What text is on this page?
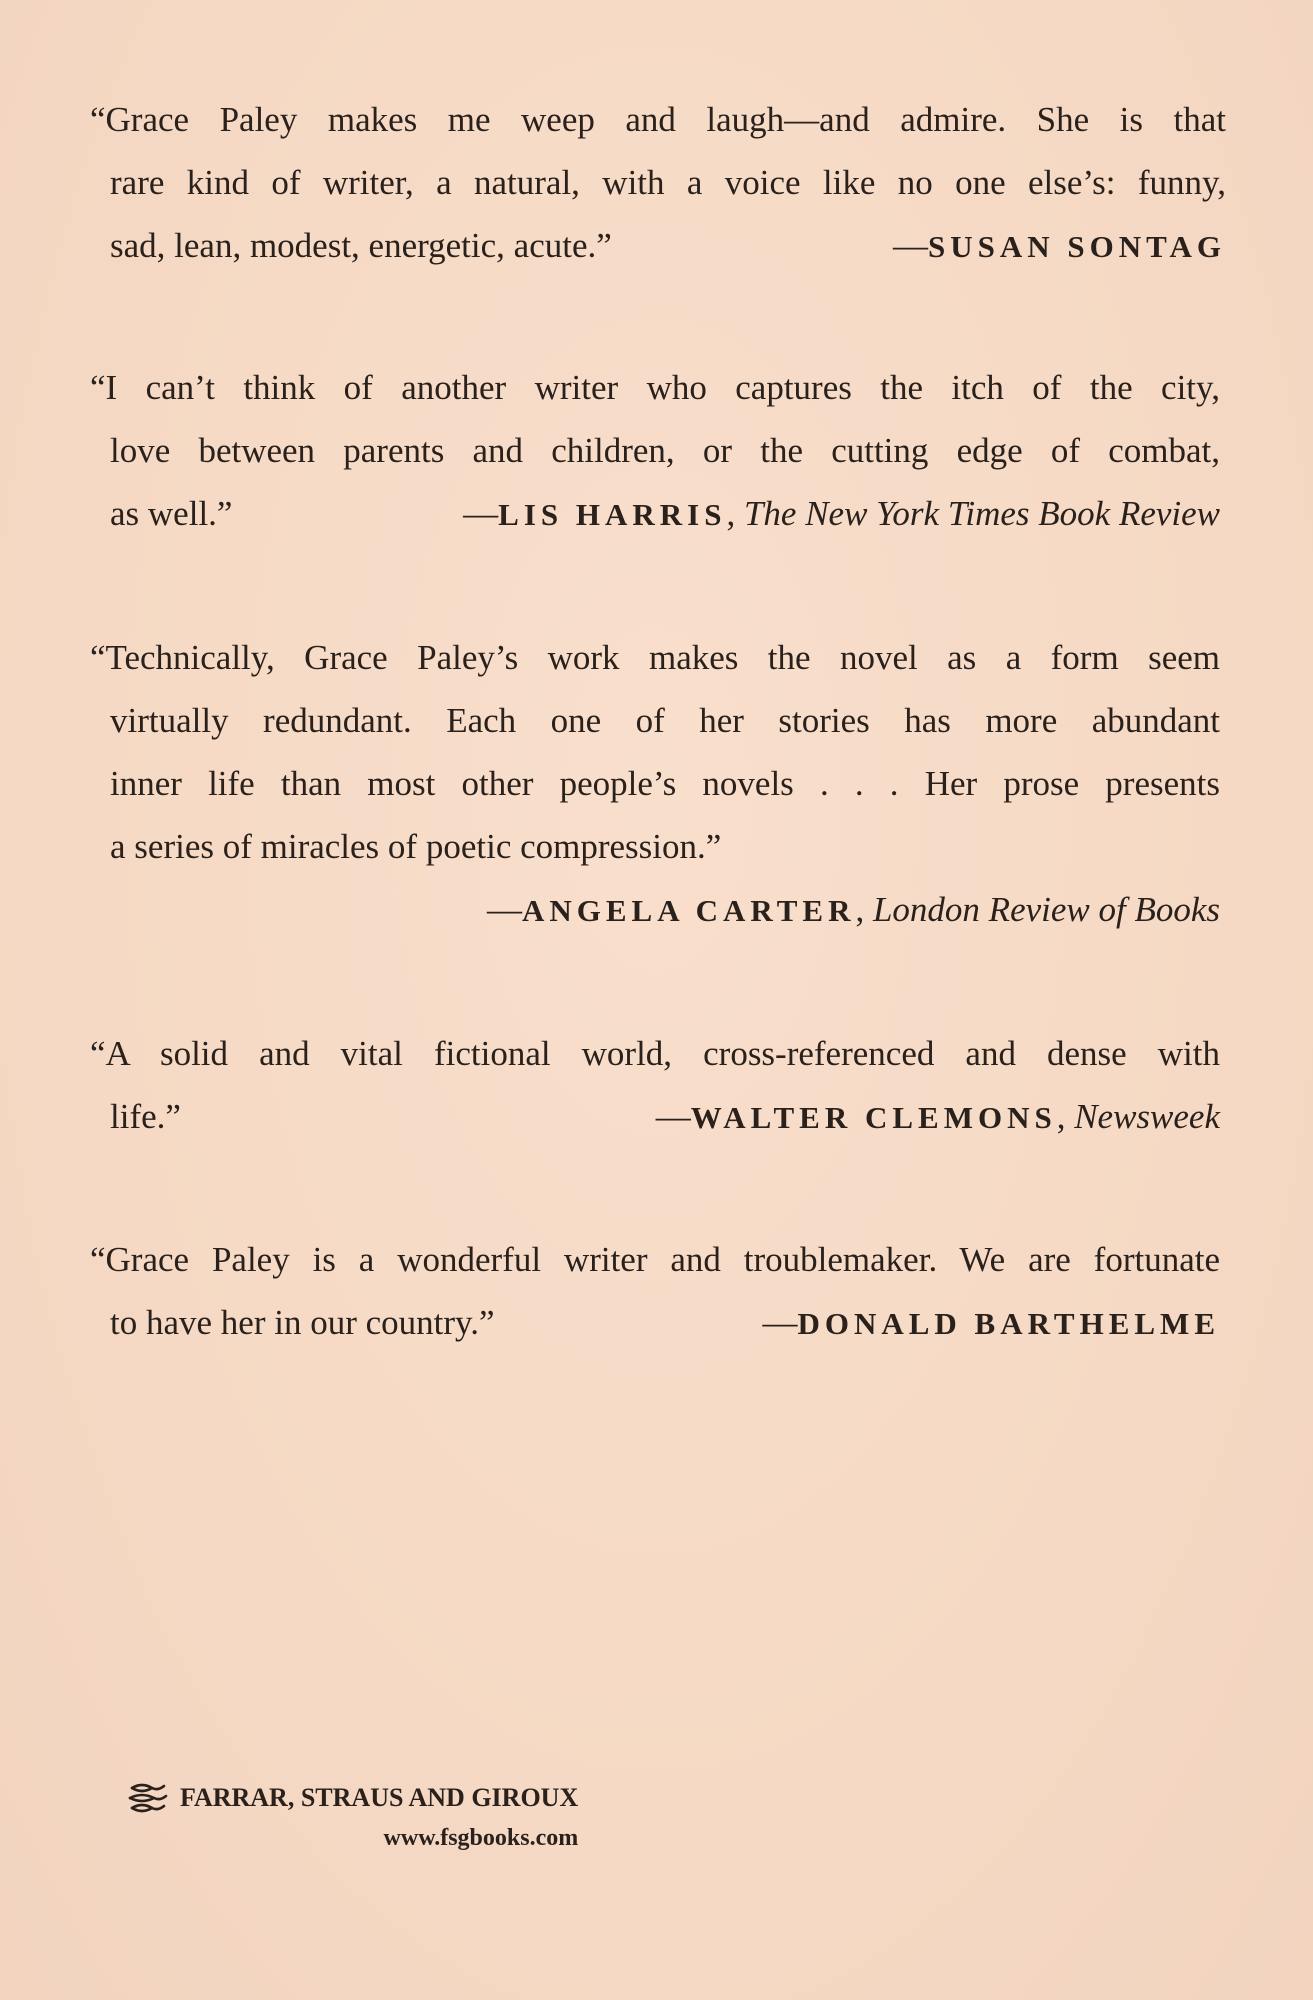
“Grace Paley makes me weep and laugh—and admire. She is that
rare kind of writer, a natural, with a voice like no one else’s: funny,
sad, lean, modest, energetic, acute.”	—SUSAN SONTAG
“I can’t think of another writer who captures the itch of the city,
love between parents and children, or the cutting edge of combat,
as well.”	—LIS HARRIS, The New York Times Book Review
“Technically, Grace Paley’s work makes the novel as a form seem
virtually redundant. Each one of her stories has more abundant
inner life than most other people’s novels . . . Her prose presents
a series of miracles of poetic compression.”
—ANGELA CARTER, London Review of Books
“A solid and vital fictional world, cross-referenced and dense with
life.”	—WALTER CLEMONS, Newsweek
“Grace Paley is a wonderful writer and troublemaker. We are fortunate
to have her in our country.”	—DONALD BARTHELME
FARRAR, STRAUS AND GIROUX
www.fsgbooks.com
